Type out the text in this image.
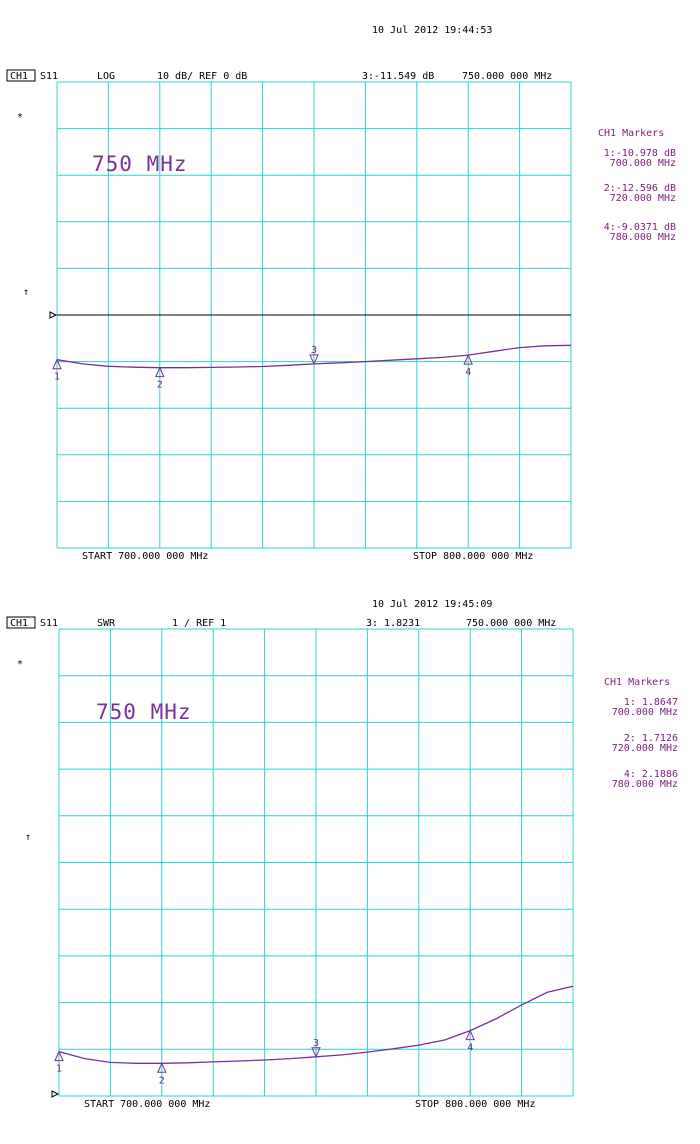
10 Jul 2012 19:44:53
CH1 S11	LOG	10 dB/ REF 0 dB	3:-11.549 dB	750.000 000 MHz
*
↑
750 MHz
1
2
3
4
START 700.000 000 MHz	STOP 800.000 000 MHz
CH1 Markers
1:-10.978 dB
700.000 MHz
2:-12.596 dB
720.000 MHz
4:-9.0371 dB
780.000 MHz
10 Jul 2012 19:45:09
CH1 S11	SWR	1 / REF 1	3: 1.8231	750.000 000 MHz
*
↑
750 MHz
1
2
3	4
START 700.000 000 MHz	STOP 800.000 000 MHz
CH1 Markers
1: 1.8647
700.000 MHz
2: 1.7126
720.000 MHz
4: 2.1886
780.000 MHz
